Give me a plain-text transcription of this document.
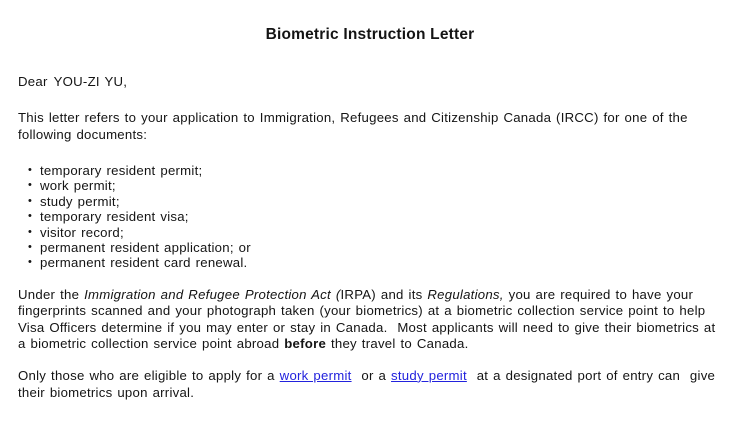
Biometric Instruction Letter

Dear YOU-ZI YU,

This letter refers to your application to Immigration, Refugees and Citizenship Canada (IRCC) for one of the following documents:

• temporary resident permit;
• work permit;
• study permit;
• temporary resident visa;
• visitor record;
• permanent resident application; or
• permanent resident card renewal.

Under the Immigration and Refugee Protection Act (IRPA) and its Regulations, you are required to have your fingerprints scanned and your photograph taken (your biometrics) at a biometric collection service point to help Visa Officers determine if you may enter or stay in Canada.  Most applicants will need to give their biometrics at a biometric collection service point abroad before they travel to Canada.

Only those who are eligible to apply for a work permit  or a study permit  at a designated port of entry can  give their biometrics upon arrival.
